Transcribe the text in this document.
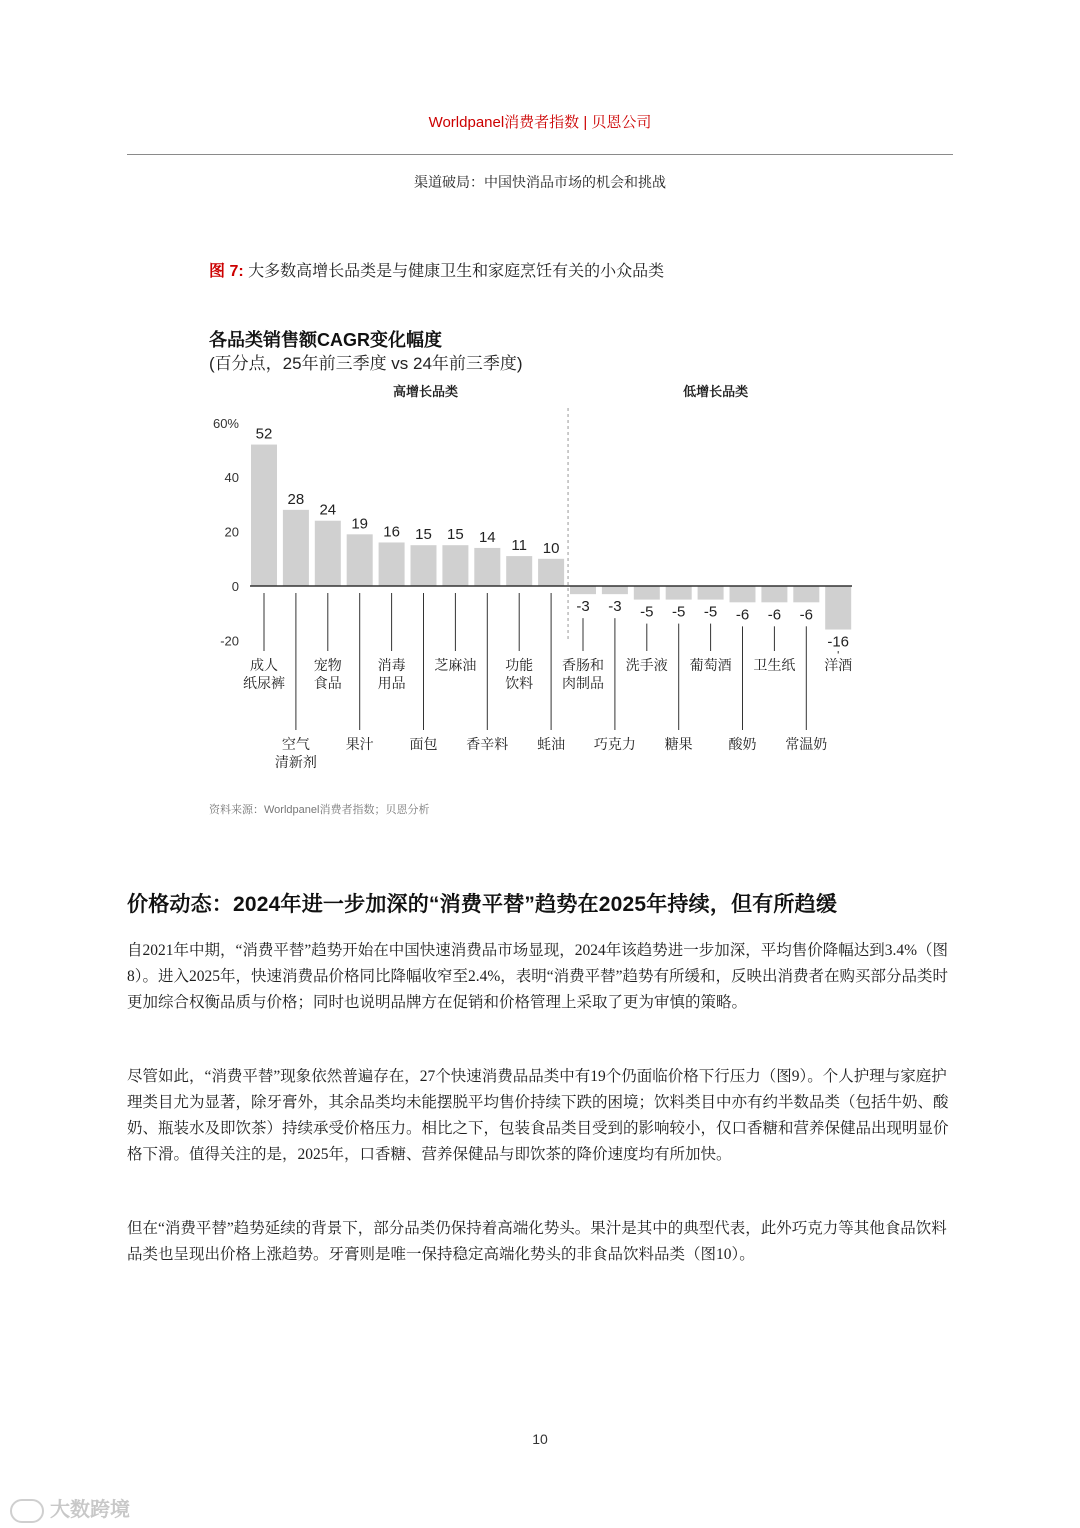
Worldpanel消费者指数 | 贝恩公司
渠道破局：中国快消品市场的机会和挑战
图 7: 大多数高增长品类是与健康卫生和家庭烹饪有关的小众品类
各品类销售额CAGR变化幅度
(百分点，25年前三季度 vs 24年前三季度)
高增长品类	低增长品类
60%
40
20
0
-20
52
成人
纸尿裤
28
空气
清新剂
24
宠物
食品
19
果汁
16
消毒
用品
15
面包
15
芝麻油
14
香辛料
11
功能
饮料
10
蚝油
-3
香肠和
肉制品
-3
巧克力
-5
洗手液
-5
糖果
-5
葡萄酒
-6
酸奶
-6
卫生纸
-6
常温奶
-16
洋酒
资料来源：Worldpanel消费者指数；贝恩分析
价格动态：2024年进一步加深的“消费平替”趋势在2025年持续，但有所趋缓
自2021年中期，“消费平替”趋势开始在中国快速消费品市场显现，2024年该趋势进一步加深，平均售价降幅达到3.4%（图8）。进入2025年，快速消费品价格同比降幅收窄至2.4%，表明“消费平替”趋势有所缓和，反映出消费者在购买部分品类时更加综合权衡品质与价格；同时也说明品牌方在促销和价格管理上采取了更为审慎的策略。
尽管如此，“消费平替”现象依然普遍存在，27个快速消费品品类中有19个仍面临价格下行压力（图9）。个人护理与家庭护理类目尤为显著，除牙膏外，其余品类均未能摆脱平均售价持续下跌的困境；饮料类目中亦有约半数品类（包括牛奶、酸奶、瓶装水及即饮茶）持续承受价格压力。相比之下，包装食品类目受到的影响较小，仅口香糖和营养保健品出现明显价格下滑。值得关注的是，2025年，口香糖、营养保健品与即饮茶的降价速度均有所加快。
但在“消费平替”趋势延续的背景下，部分品类仍保持着高端化势头。果汁是其中的典型代表，此外巧克力等其他食品饮料品类也呈现出价格上涨趋势。牙膏则是唯一保持稳定高端化势头的非食品饮料品类（图10）。
10
大数跨境
